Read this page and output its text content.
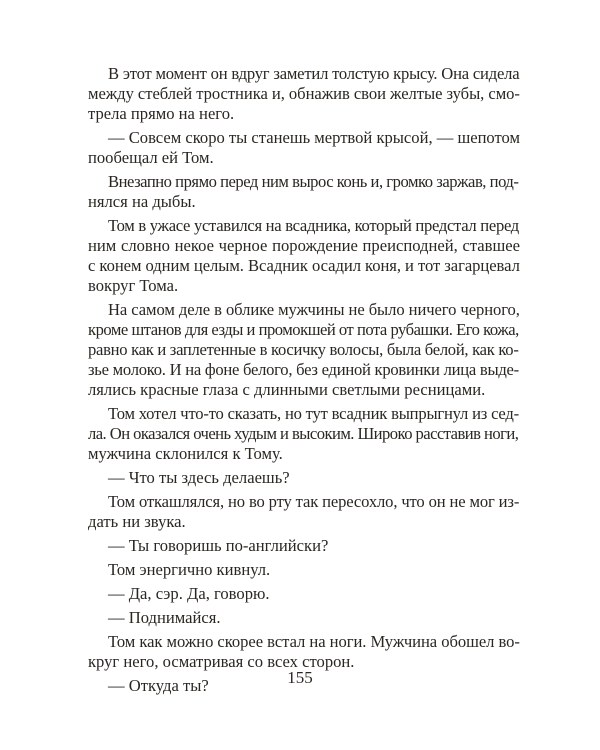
В этот момент он вдруг заметил толстую крысу. Она сидела
между стеблей тростника и, обнажив свои желтые зубы, смо-
трела прямо на него.

— Совсем скоро ты станешь мертвой крысой, — шепотом
пообещал ей Том.

Внезапно прямо перед ним вырос конь и, громко заржав, под-
нялся на дыбы.

Том в ужасе уставился на всадника, который предстал перед
ним словно некое черное порождение преисподней, ставшее
с конем одним целым. Всадник осадил коня, и тот загарцевал
вокруг Тома.

На самом деле в облике мужчины не было ничего черного,
кроме штанов для езды и промокшей от пота рубашки. Его кожа,
равно как и заплетенные в косичку волосы, была белой, как ко-
зье молоко. И на фоне белого, без единой кровинки лица выде-
лялись красные глаза с длинными светлыми ресницами.

Том хотел что-то сказать, но тут всадник выпрыгнул из сед-
ла. Он оказался очень худым и высоким. Широко расставив ноги,
мужчина склонился к Тому.

— Что ты здесь делаешь?

Том откашлялся, но во рту так пересохло, что он не мог из-
дать ни звука.

— Ты говоришь по-английски?

Том энергично кивнул.

— Да, сэр. Да, говорю.

— Поднимайся.

Том как можно скорее встал на ноги. Мужчина обошел во-
круг него, осматривая со всех сторон.

— Откуда ты?	155
